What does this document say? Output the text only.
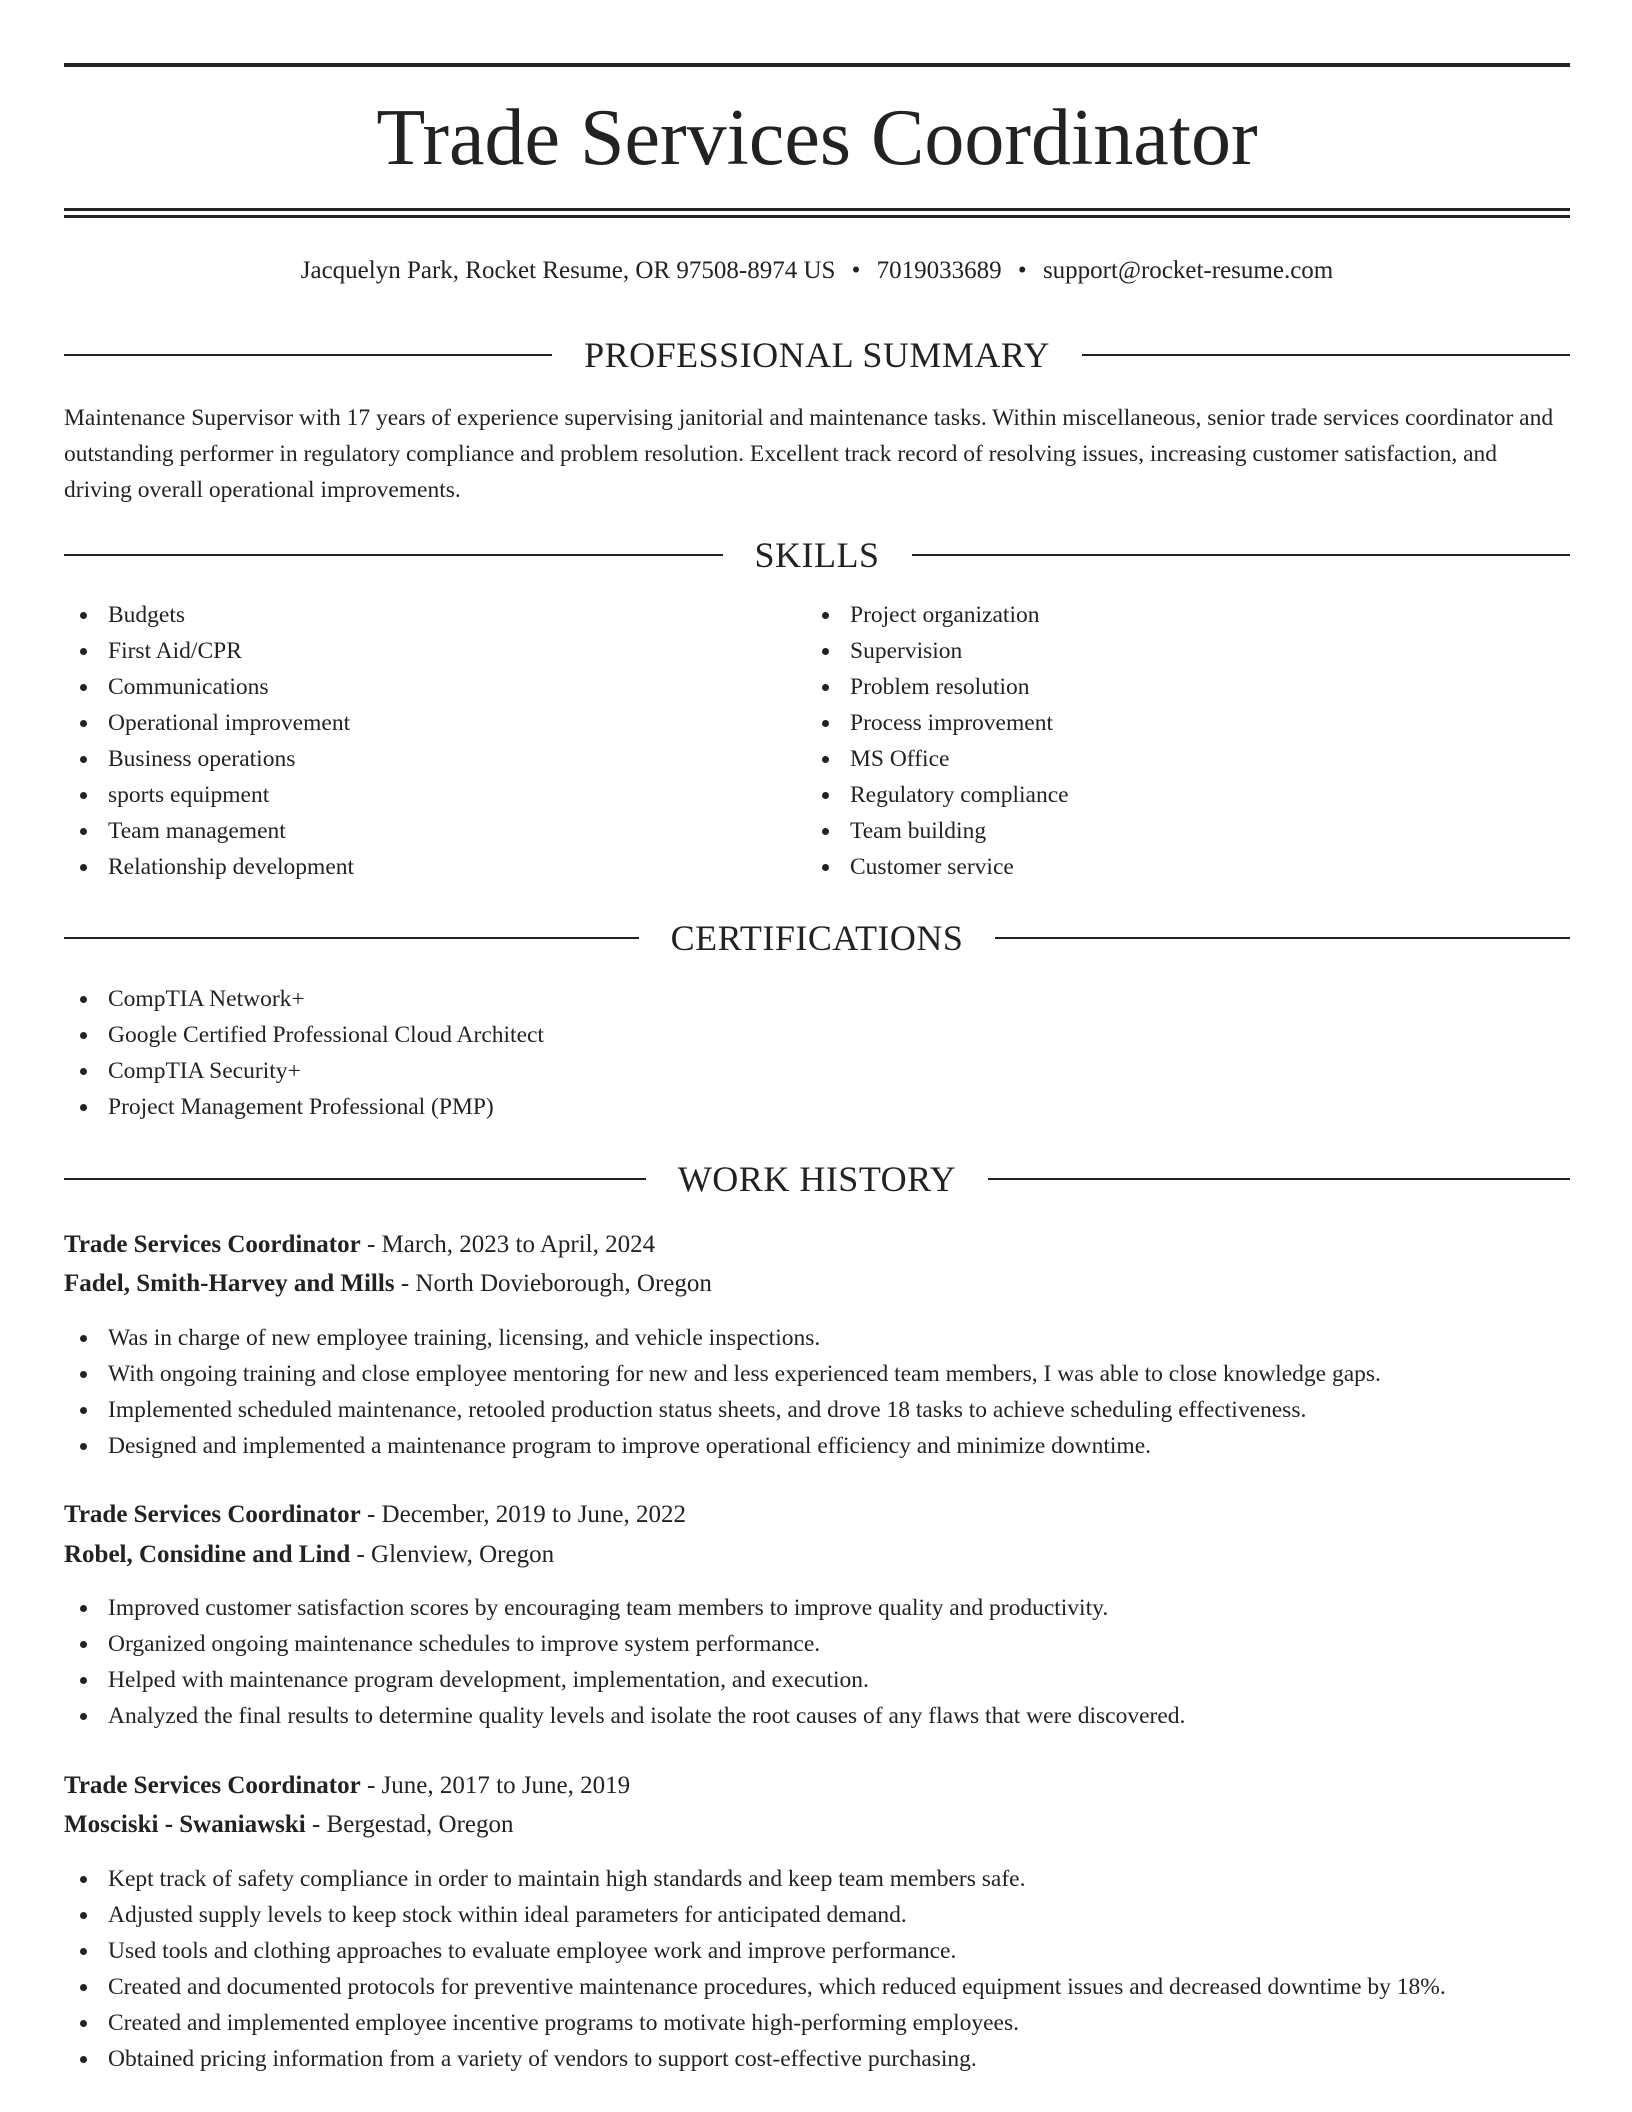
Trade Services Coordinator
Jacquelyn Park, Rocket Resume, OR 97508-8974 US • 7019033689 • support@rocket-resume.com
PROFESSIONAL SUMMARY

Maintenance Supervisor with 17 years of experience supervising janitorial and maintenance tasks. Within miscellaneous, senior trade services coordinator and outstanding performer in regulatory compliance and problem resolution. Excellent track record of resolving issues, increasing customer satisfaction, and driving overall operational improvements.

SKILLS
Budgets
First Aid/CPR
Communications
Operational improvement
Business operations
sports equipment
Team management
Relationship development
Project organization
Supervision
Problem resolution
Process improvement
MS Office
Regulatory compliance
Team building
Customer service
CERTIFICATIONS
CompTIA Network+
Google Certified Professional Cloud Architect
CompTIA Security+
Project Management Professional (PMP)
WORK HISTORY
Trade Services Coordinator - March, 2023 to April, 2024
Fadel, Smith-Harvey and Mills - North Dovieborough, Oregon
Was in charge of new employee training, licensing, and vehicle inspections.
With ongoing training and close employee mentoring for new and less experienced team members, I was able to close knowledge gaps.
Implemented scheduled maintenance, retooled production status sheets, and drove 18 tasks to achieve scheduling effectiveness.
Designed and implemented a maintenance program to improve operational efficiency and minimize downtime.
Trade Services Coordinator - December, 2019 to June, 2022
Robel, Considine and Lind - Glenview, Oregon
Improved customer satisfaction scores by encouraging team members to improve quality and productivity.
Organized ongoing maintenance schedules to improve system performance.
Helped with maintenance program development, implementation, and execution.
Analyzed the final results to determine quality levels and isolate the root causes of any flaws that were discovered.
Trade Services Coordinator - June, 2017 to June, 2019
Mosciski - Swaniawski - Bergestad, Oregon
Kept track of safety compliance in order to maintain high standards and keep team members safe.
Adjusted supply levels to keep stock within ideal parameters for anticipated demand.
Used tools and clothing approaches to evaluate employee work and improve performance.
Created and documented protocols for preventive maintenance procedures, which reduced equipment issues and decreased downtime by 18%.
Created and implemented employee incentive programs to motivate high-performing employees.
Obtained pricing information from a variety of vendors to support cost-effective purchasing.
